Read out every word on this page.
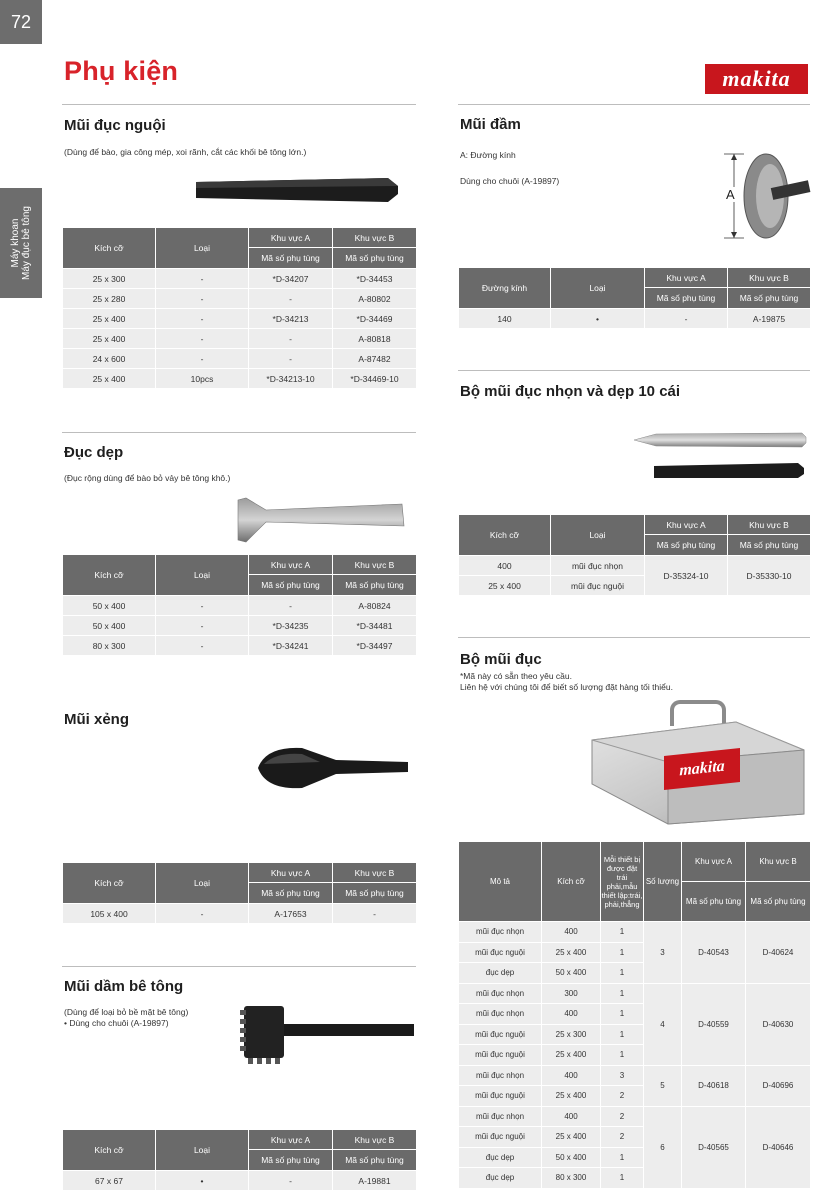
72
Máy khoan
Máy đục bê tông
Phụ kiện	makita
Mũi đục nguội
(Dùng để bào, gia công mép, xoi rãnh, cắt các khối bê tông lớn.)
Kích cỡ	Loại	Khu vực A	Khu vực B
		Mã số phụ tùng	Mã số phụ tùng
25 x 300	-	*D-34207	*D-34453
25 x 280	-	-	A-80802
25 x 400	-	*D-34213	*D-34469
25 x 400	-	-	A-80818
24 x 600	-	-	A-87482
25 x 400	10pcs	*D-34213-10	*D-34469-10
Đục dẹp
(Đục rộng dùng để bào bỏ vảy bê tông khô.)
Kích cỡ	Loại	Khu vực A	Khu vực B
		Mã số phụ tùng	Mã số phụ tùng
50 x 400	-	-	A-80824
50 x 400	-	*D-34235	*D-34481
80 x 300	-	*D-34241	*D-34497
Mũi xẻng
Kích cỡ	Loại	Khu vực A	Khu vực B
		Mã số phụ tùng	Mã số phụ tùng
105 x 400	-	A-17653	-
Mũi dầm bê tông
(Dùng để loại bỏ bề mặt bê tông)
• Dùng cho chuôi (A-19897)
Kích cỡ	Loại	Khu vực A	Khu vực B
		Mã số phụ tùng	Mã số phụ tùng
67 x 67	•	-	A-19881
Mũi đầm
A: Đường kính
Dùng cho chuôi (A-19897)
A
Đường kính	Loại	Khu vực A	Khu vực B
		Mã số phụ tùng	Mã số phụ tùng
140	•	-	A-19875
Bộ mũi đục nhọn và dẹp 10 cái
Kích cỡ	Loại	Khu vực A	Khu vực B
		Mã số phụ tùng	Mã số phụ tùng
400	mũi đục nhọn	D-35324-10	D-35330-10
25 x 400	mũi đục nguội		
Bộ mũi đục
*Mã này có sẵn theo yêu cầu.
Liên hệ với chúng tôi để biết số lượng đặt hàng tối thiểu.
makita
Mô tả	Kích cỡ	Mỗi thiết bị được đặt trái phải,mẫu thiết lập:trái, phải,thẳng	Số lượng	Khu vực A	Khu vực B
				Mã số phụ tùng	Mã số phụ tùng
mũi đục nhọn	400	1	3	D-40543	D-40624
mũi đục nguội	25 x 400	1			
đục dẹp	50 x 400	1			
mũi đục nhọn	300	1	4	D-40559	D-40630
mũi đục nhọn	400	1			
mũi đục nguội	25 x 300	1			
mũi đục nguội	25 x 400	1			
mũi đục nhọn	400	3	5	D-40618	D-40696
mũi đục nguội	25 x 400	2			
mũi đục nhọn	400	2	6	D-40565	D-40646
mũi đục nguội	25 x 400	2			
đục dẹp	50 x 400	1			
đục dẹp	80 x 300	1			
